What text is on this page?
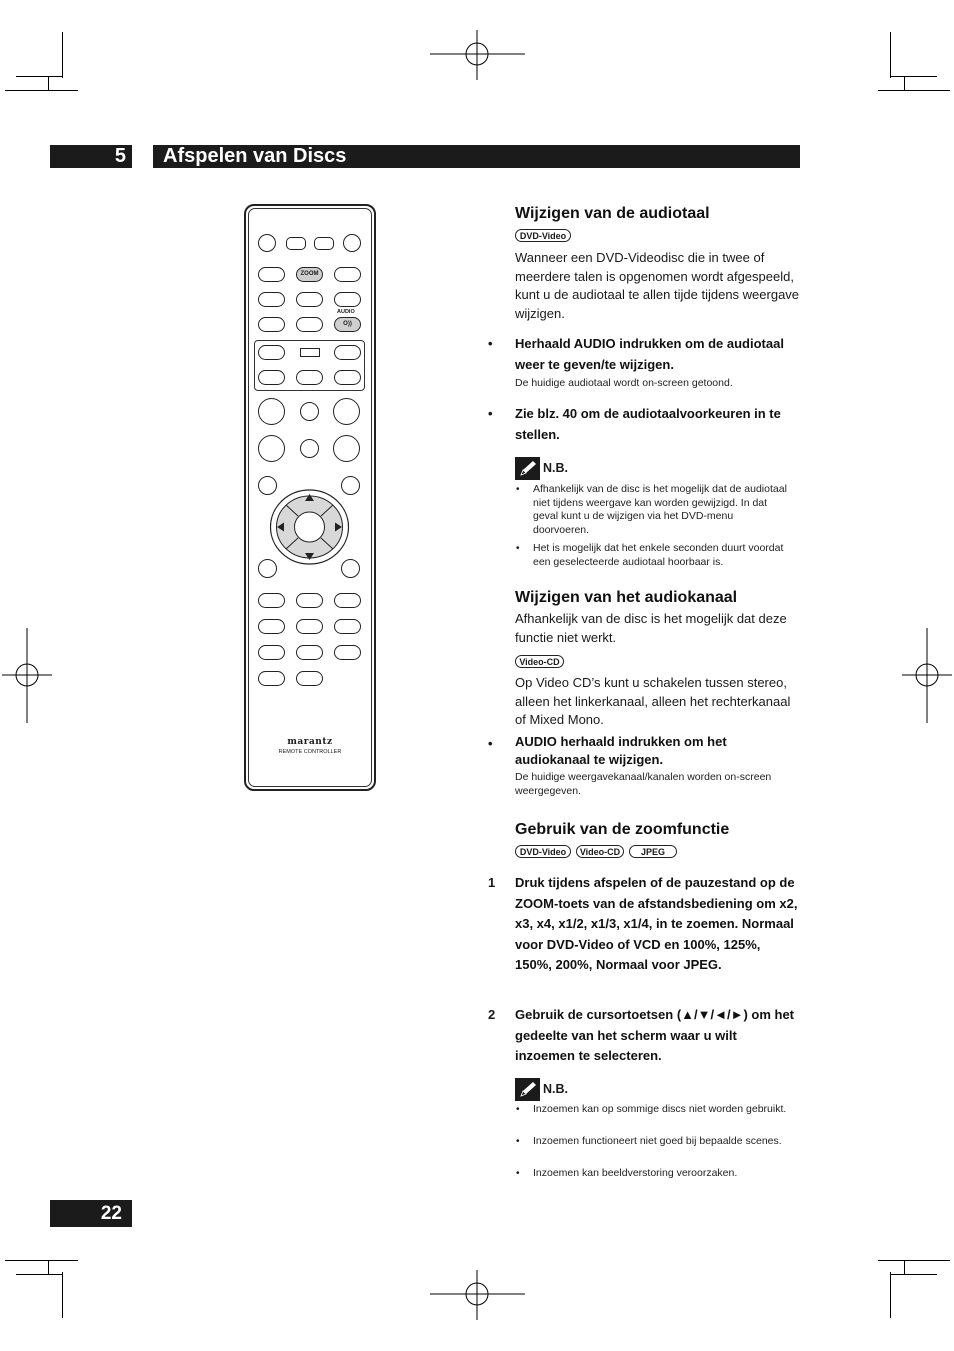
5	Afspelen van Discs
ZOOM
AUDIO
O))
marantz
REMOTE CONTROLLER
Wijzigen van de audiotaal
DVD-Video
Wanneer een DVD-Videodisc die in twee of meerdere talen is opgenomen wordt afgespeeld, kunt u de audiotaal te allen tijde tijdens weergave wijzigen.
• Herhaald AUDIO indrukken om de audiotaal weer te geven/te wijzigen.
De huidige audiotaal wordt on-screen getoond.
• Zie blz. 40 om de audiotaalvoorkeuren in te stellen.
N.B.
• Afhankelijk van de disc is het mogelijk dat de audiotaal niet tijdens weergave kan worden gewijzigd. In dat geval kunt u de wijzigen via het DVD-menu doorvoeren.
• Het is mogelijk dat het enkele seconden duurt voordat een geselecteerde audiotaal hoorbaar is.
Wijzigen van het audiokanaal
Afhankelijk van de disc is het mogelijk dat deze functie niet werkt.
Video-CD
Op Video CD’s kunt u schakelen tussen stereo, alleen het linkerkanaal, alleen het rechterkanaal of Mixed Mono.
• AUDIO herhaald indrukken om het audiokanaal te wijzigen.
De huidige weergavekanaal/kanalen worden on-screen weergegeven.
Gebruik van de zoomfunctie
DVD-Video	Video-CD	JPEG
1 Druk tijdens afspelen of de pauzestand op de ZOOM-toets van de afstandsbediening om x2, x3, x4, x1/2, x1/3, x1/4, in te zoemen. Normaal voor DVD-Video of VCD en 100%, 125%, 150%, 200%, Normaal voor JPEG.
2 Gebruik de cursortoetsen (▲/▼/◄/►) om het gedeelte van het scherm waar u wilt inzoemen te selecteren.
N.B.
• Inzoemen kan op sommige discs niet worden gebruikt.
• Inzoemen functioneert niet goed bij bepaalde scenes.
• Inzoemen kan beeldverstoring veroorzaken.
22
